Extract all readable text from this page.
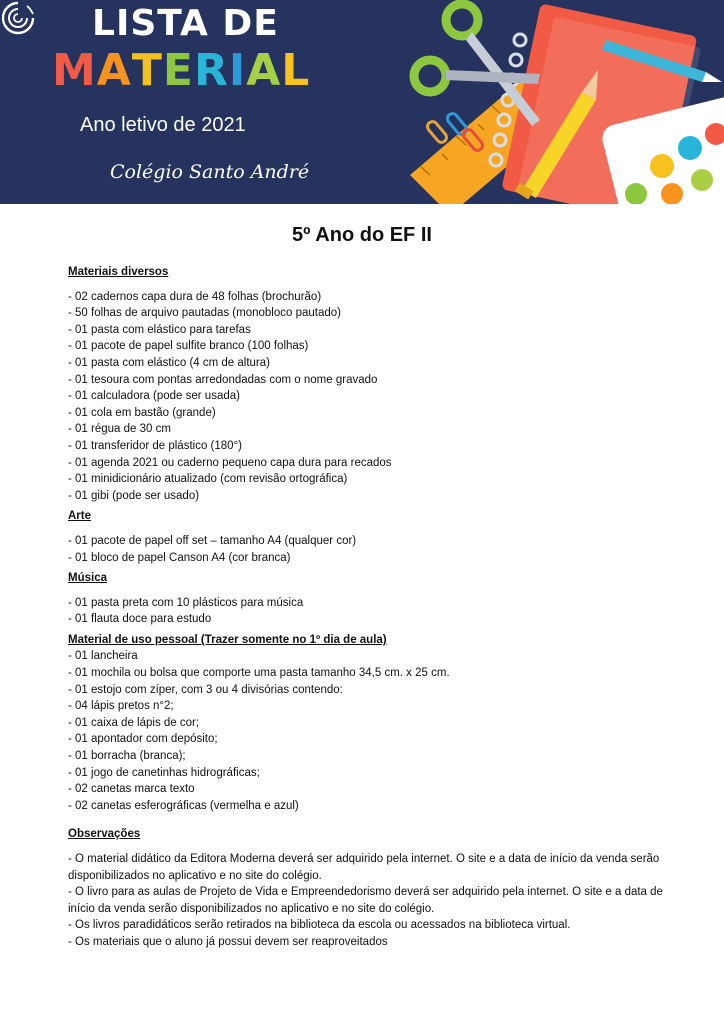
LISTA DE
MATERIAL
Ano letivo de 2021
Colégio Santo André
5º Ano do EF II
Materiais diversos
- 02 cadernos capa dura de 48 folhas (brochurão)
- 50 folhas de arquivo pautadas (monobloco pautado)
- 01 pasta com elástico para tarefas
- 01 pacote de papel sulfite branco (100 folhas)
- 01 pasta com elástico (4 cm de altura)
- 01 tesoura com pontas arredondadas com o nome gravado
- 01 calculadora (pode ser usada)
- 01 cola em bastão (grande)
- 01 régua de 30 cm
- 01 transferidor de plástico (180°)
- 01 agenda 2021 ou caderno pequeno capa dura para recados
- 01 minidicionário atualizado (com revisão ortográfica)
- 01 gibi (pode ser usado)
Arte
- 01 pacote de papel off set – tamanho A4 (qualquer cor)
- 01 bloco de papel Canson A4 (cor branca)
Música
- 01 pasta preta com 10 plásticos para música
- 01 flauta doce para estudo
Material de uso pessoal (Trazer somente no 1º dia de aula)
- 01 lancheira
- 01 mochila ou bolsa que comporte uma pasta tamanho 34,5 cm. x 25 cm.
- 01 estojo com zíper, com 3 ou 4 divisórias contendo:
- 04 lápis pretos n°2;
- 01 caixa de lápis de cor;
- 01 apontador com depósito;
- 01 borracha (branca);
- 01 jogo de canetinhas hidrográficas;
- 02 canetas marca texto
- 02 canetas esferográficas (vermelha e azul)
Observações
- O material didático da Editora Moderna deverá ser adquirido pela internet. O site e a data de início da venda serão disponibilizados no aplicativo e no site do colégio.
- O livro para as aulas de Projeto de Vida e Empreendedorismo deverá ser adquirido pela internet. O site e a data de início da venda serão disponibilizados no aplicativo e no site do colégio.
- Os livros paradidáticos serão retirados na biblioteca da escola ou acessados na biblioteca virtual.
- Os materiais que o aluno já possui devem ser reaproveitados
